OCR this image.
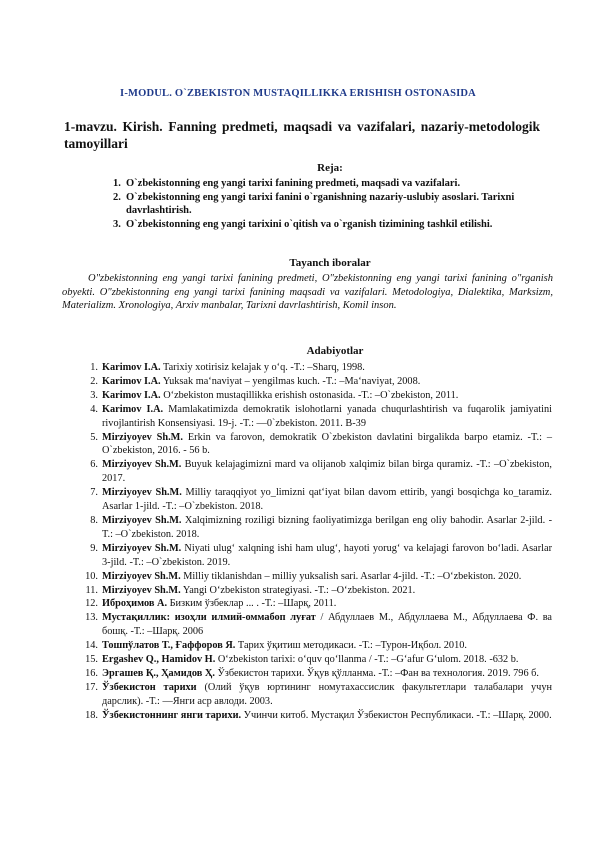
I-MODUL. O`ZBEKISTON MUSTAQILLIKKA ERISHISH OSTONASIDA
1-mavzu. Kirish. Fanning predmeti, maqsadi va vazifalari, nazariy-metodologik tamoyillari
Reja:
1. O`zbekistonning eng yangi tarixi fanining predmeti, maqsadi va vazifalari.
2. O`zbekistonning eng yangi tarixi fanini o`rganishning nazariy-uslubiy asoslari. Tarixni davrlashtirish.
3. O`zbekistonning eng yangi tarixini o`qitish va o`rganish tizimining tashkil etilishi.
Tayanch iboralar

O"zbekistonning eng yangi tarixi fanining predmeti, O"zbekistonning eng yangi tarixi fanining o"rganish obyekti. O"zbekistonning eng yangi tarixi fanining maqsadi va vazifalari. Metodologiya, Dialektika, Marksizm, Materializm. Xronologiya, Arxiv manbalar, Tarixni davrlashtirish, Komil inson.

Adabiyotlar
1. Karimov I.A. Tarixiy xotirisiz kelajak y o‘q. -T.: –Sharq, 1998.
2. Karimov I.A. Yuksak ma‘naviyat – yengilmas kuch. -T.: –Ma‘naviyat, 2008.
3. Karimov I.A. O‘zbekiston mustaqillikka erishish ostonasida. -T.: –O`zbekiston, 2011.
4. Karimov I.A. Mamlakatimizda demokratik islohotlarni yanada chuqurlashtirish va fuqarolik jamiyatini rivojlantirish Konsensiyasi. 19-j. -T.: ―0`zbekiston. 2011. B-39
5. Mirziyoyev Sh.M. Erkin va farovon, demokratik O`zbekiston davlatini birgalikda barpo etamiz. -T.: –O`zbekiston, 2016. - 56 b.
6. Mirziyoyev Sh.M. Buyuk kelajagimizni mard va olijanob xalqimiz bilan birga quramiz. -T.: –O`zbekiston, 2017.
7. Mirziyoyev Sh.M. Milliy taraqqiyot yo_limizni qat‘iyat bilan davom ettirib, yangi bosqichga ko_taramiz. Asarlar 1-jild. -T.: –O`zbekiston. 2018.
8. Mirziyoyev Sh.M. Xalqimizning roziligi bizning faoliyatimizga berilgan eng oliy bahodir. Asarlar 2-jild. -T.: –O`zbekiston. 2018.
9. Mirziyoyev Sh.M. Niyati ulug‘ xalqning ishi ham ulug‘, hayoti yorug‘ va kelajagi farovon bo‘ladi. Asarlar 3-jild. -T.: –O`zbekiston. 2019.
10. Mirziyoyev Sh.M. Milliy tiklanishdan – milliy yuksalish sari. Asarlar 4-jild. -T.: –O‘zbekiston. 2020.
11. Mirziyoyev Sh.M. Yangi O‘zbekiston strategiyasi. -T.: –O‘zbekiston. 2021.
12. Иброҳимов А. Бизким ўзбеклар ... . -Т.: –Шарқ, 2011.
13. Мустақиллик: изоҳли илмий-оммабоп луғат / Абдуллаев М., Абдуллаева М., Абдуллаева Ф. ва бошқ. -Т.: –Шарқ. 2006
14. Тошпўлатов Т., Ғаффоров Я. Тарих ўқитиш методикаси. -Т.: –Турон-Иқбол. 2010.
15. Ergashev Q., Hamidov H. O‘zbekiston tarixi: o‘quv qo‘llanma / -T.: –G‘afur G‘ulom. 2018. -632 b.
16. Эргашев Қ., Ҳамидов Ҳ. Ўзбекистон тарихи. Ўқув қўлланма. -Т.: –Фан ва технология. 2019. 796 б.
17. Ўзбекистон тарихи (Олий ўқув юртининг номутахассислик факультетлари талабалари учун дарслик). -Т.: ―Янги аср авлоди. 2003.
18. Ўзбекистоннинг янги тарихи. Учинчи китоб. Мустақил Ўзбекистон Республикаси. -Т.: –Шарқ. 2000.
